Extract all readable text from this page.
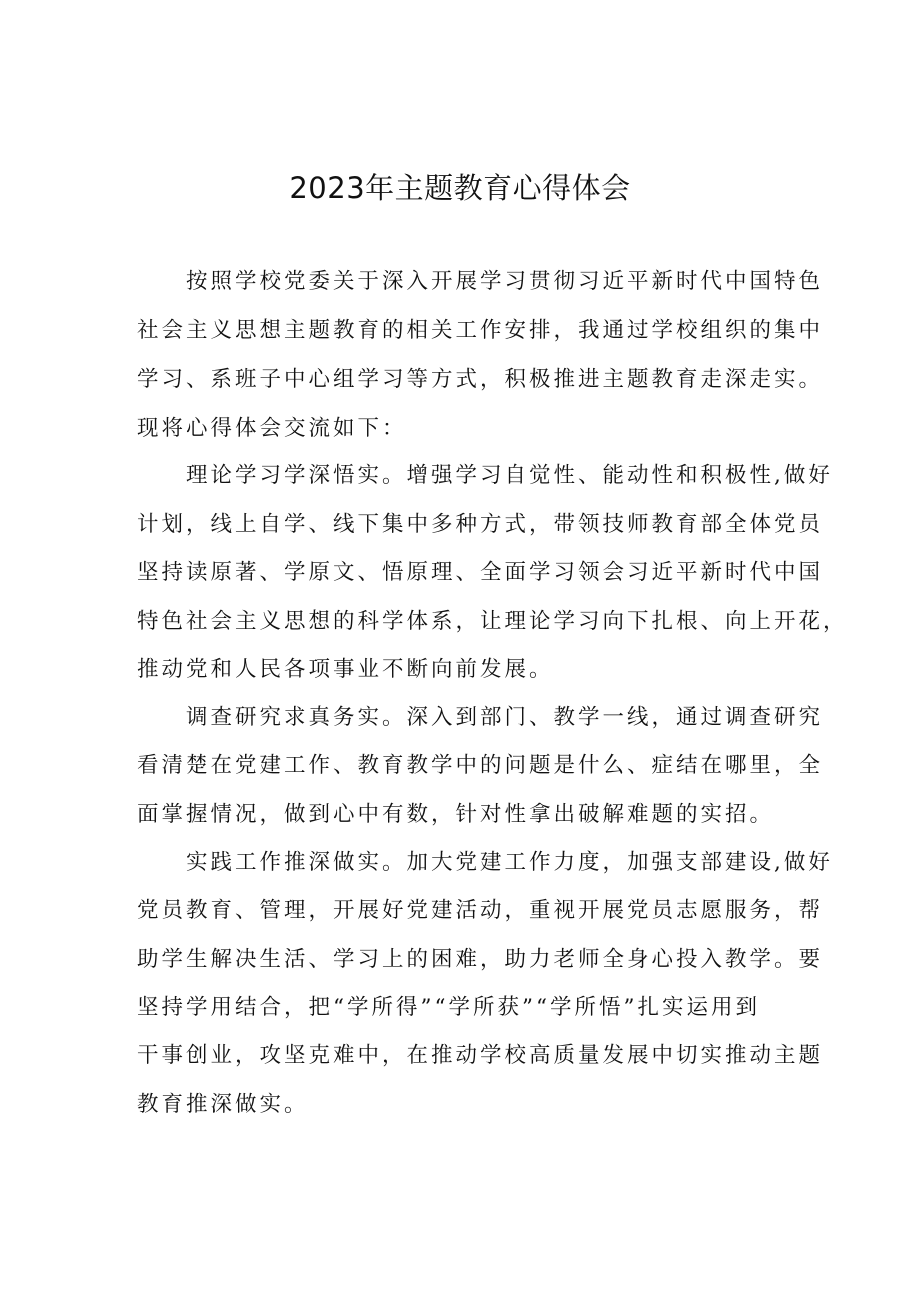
2023年主题教育心得体会

按照学校党委关于深入开展学习贯彻习近平新时代中国特色

社会主义思想主题教育的相关工作安排，我通过学校组织的集中

学习、系班子中心组学习等方式，积极推进主题教育走深走实。

现将心得体会交流如下：

理论学习学深悟实。增强学习自觉性、能动性和积极性,做好

计划，线上自学、线下集中多种方式，带领技师教育部全体党员

坚持读原著、学原文、悟原理、全面学习领会习近平新时代中国

特色社会主义思想的科学体系，让理论学习向下扎根、向上开花，

推动党和人民各项事业不断向前发展。

调查研究求真务实。深入到部门、教学一线，通过调查研究

看清楚在党建工作、教育教学中的问题是什么、症结在哪里，全

面掌握情况，做到心中有数，针对性拿出破解难题的实招。

实践工作推深做实。加大党建工作力度，加强支部建设,做好

党员教育、管理，开展好党建活动，重视开展党员志愿服务，帮

助学生解决生活、学习上的困难，助力老师全身心投入教学。要

坚持学用结合，把“学所得”“学所获”“学所悟”扎实运用到

干事创业，攻坚克难中，在推动学校高质量发展中切实推动主题

教育推深做实。
